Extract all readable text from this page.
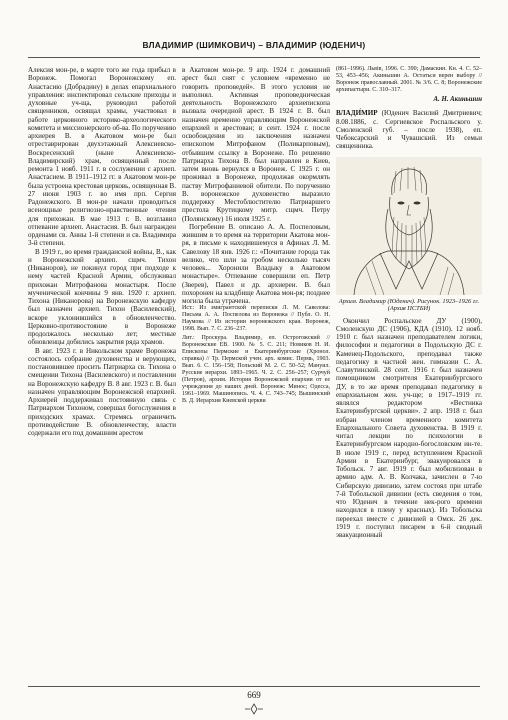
ВЛАДИМИР (ШИМКОВИЧ) – ВЛАДИМИР (ЮДЕНИЧ)

Алексия мон-ре, в марте того же года прибыл в Воронеж. Помогал Воронежскому еп. Анастасию (Добрадину) в делах епархиального управления: инспектировал сельские приходы и духовные уч-ща, руководил работой священников, освящал храмы, участвовал в работе церковного историко-археологического комитета и миссионерского об-ва. По поручению архиерея В. в Акатовом мон-ре был отреставрирован двухэтажный Алексиевско-Воскресенский (ныне Алексиевско-Владимирский) храм, освященный после ремонта 1 нояб. 1911 г. в сослужении с архиеп. Анастасием. В 1911–1912 гг. в Акатовом мон-ре была устроена крестовая церковь, освященная В. 27 июня 1903 г. во имя прп. Сергия Радонежского. В мон-ре начали проводиться всенощные религиозно-нравственные чтения для прихожан. В мае 1913 г. В. возглавил отпевание архиеп. Анастасия. В. был награжден орденами св. Анны 1-й степени и св. Владимира 3-й степени.

В 1919 г., во время гражданской войны, В., как и Воронежский архиеп. сщмч. Тихон (Никаноров), не покинул город при подходе к нему частей Красной Армии, обслуживал прихожан Митрофанова монастыря. После мученической кончины 9 янв. 1920 г. архиеп. Тихона (Никанорова) на Воронежскую кафедру был назначен архиеп. Тихон (Василевский), вскоре уклонившийся в обновленчество. Церковно-противостояние в Воронеже продолжалось несколько лет; местные обновленцы добились закрытия ряда храмов.

В авг. 1923 г. в Никольском храме Воронежа состоялось собрание духовенства и верующих, постановившее просить Патриарха св. Тихона о смещении Тихона (Василевского) и поставлении на Воронежскую кафедру В. 8 авг. 1923 г. В. был назначен управляющим Воронежской епархией. Архиерей поддерживал постоянную связь с Патриархом Тихоном, совершал богослужения в приходских храмах. Стремясь ограничить противодействие В. обновленчеству, власти содержали его под домашним арестом

в Акатовом мон-ре. 9 апр. 1924 г. домашний арест был снят с условием «временно не говорить проповедей». В этого условия не выполнял. Активная проповедническая деятельность Воронежского архиепископа вызвала очередной арест. В 1924 г. В. был назначен временно управляющим Воронежской епархией и арестован; в сент. 1924 г. после освобождения из заключения назначен епископом Митрофаном (Поликарповым), отбывшим ссылку в Воронеже. По решению Патриарха Тихона В. был направлен в Киев, затем вновь вернулся в Воронеж. С 1925 г. он проживал в Воронеже, продолжая окормлять паству Митрофаниевой обители. По поручению В. воронежское духовенство выразило поддержку Местоблюстителю Патриаршего престола Крутицкому митр. сщмч. Петру (Полянскому) 16 июля 1925 г.

Погребение В. описано А. А. Поспеловым, жившим в то время на территории Акатова мон-ря, в письме к находившемуся в Афинах Л. М. Савелову 18 янв. 1926 г.: «Почитание города так велико, что шли за гробом несколько тысяч человек... Хоронили Владыку в Акатовом монастыре». Отпевание совершили еп. Петр (Зверев), Павел и др. архиереи. В. был похоронен на кладбище Акатова мон-ря; позднее могила была утрачена.

Ист.: Из эмигрантской переписки Л. М. Савелова: Письма А. А. Поспелова из Воронежа // Публ. О. Н. Наумова // Из истории воронежского края. Воронеж, 1998. Вып. 7. С. 236–237.

Лит.: Проскура. Владимир, еп. Острогожский // Воронежские ЕВ. 1900. № 5. С. 211; Новиков Н. И. Епископы Пермские и Екатеринбургские (Хронол. справка) // Тр. Пермской учен. арх. комис. Пермь, 1903. Вып. 6. С. 156–158; Польский М. 2. С. 50–52; Мануил. Русские иерархи. 1893–1965. Ч. 2. С. 256–257; Сурчуй (Петров), архим. История Воронежской епархии от ее учреждения до наших дней. Воронеж: Минос; Одесса, 1961–1969. Машинопись. Ч. 4. С. 743–745; Вышинский В. Д. Иерархия Киевской церкви

(861–1996). Львів, 1996. С. 390; Дамаскин. Кн. 4. С. 52–53, 453–456; Акиньшин А. Остаться верен выбору // Воронеж православный. 2001. № 3/6. С. 8; Воронежские архипастыри. С. 310–317.

А. Н. Акиньшин

ВЛАДИ́МИР (Юденич Василий Дмитриевич; 8.08.1886, с. Сергиевское Роспальского у. Смоленской губ. – после 1938), еп. Чебоксарский и Чувашский. Из семьи священника.

Архим. Владимир (Юденич). Рисунок. 1923–1926 гг. (Архив ПСТБИ)

Окончил Роспальское ДУ (1900), Смоленскую ДС (1906), КДА (1910). 12 нояб. 1910 г. был назначен преподавателем логики, философии и педагогики в Подольскую ДС г. Каменец-Подольского, преподавал также педагогику в частной жен. гимназии С. А. Славутинской. 28 сент. 1916 г. был назначен помощником смотрителя Екатеринбургского ДУ, в то же время преподавал педагогику в епархиальном жен. уч-ще; в 1917–1919 гг. являлся редактором «Вестника Екатеринбургской церкви». 2 апр. 1918 г. был избран членом временного комитета Епархиального Совета духовенства. В 1919 г. читал лекции по психологии в Екатеринбургском народно-богословском ин-те. В июле 1919 г., перед вступлением Красной Армии в Екатеринбург, эвакуировался в Тобольск. 7 авг. 1919 г. был мобилизован в армию адм. А. В. Колчака, зачислен в 7-ю Сибирскую дивизию, затем состоял при штабе 7-й Тобольской дивизии (есть сведения о том, что Юденич в течение нек-рого времени находился в плену у красных). Из Тобольска переехал вместе с дивизией в Омск. 26 дек. 1919 г. поступил писарем в 6-й сводный эвакуационный

669
